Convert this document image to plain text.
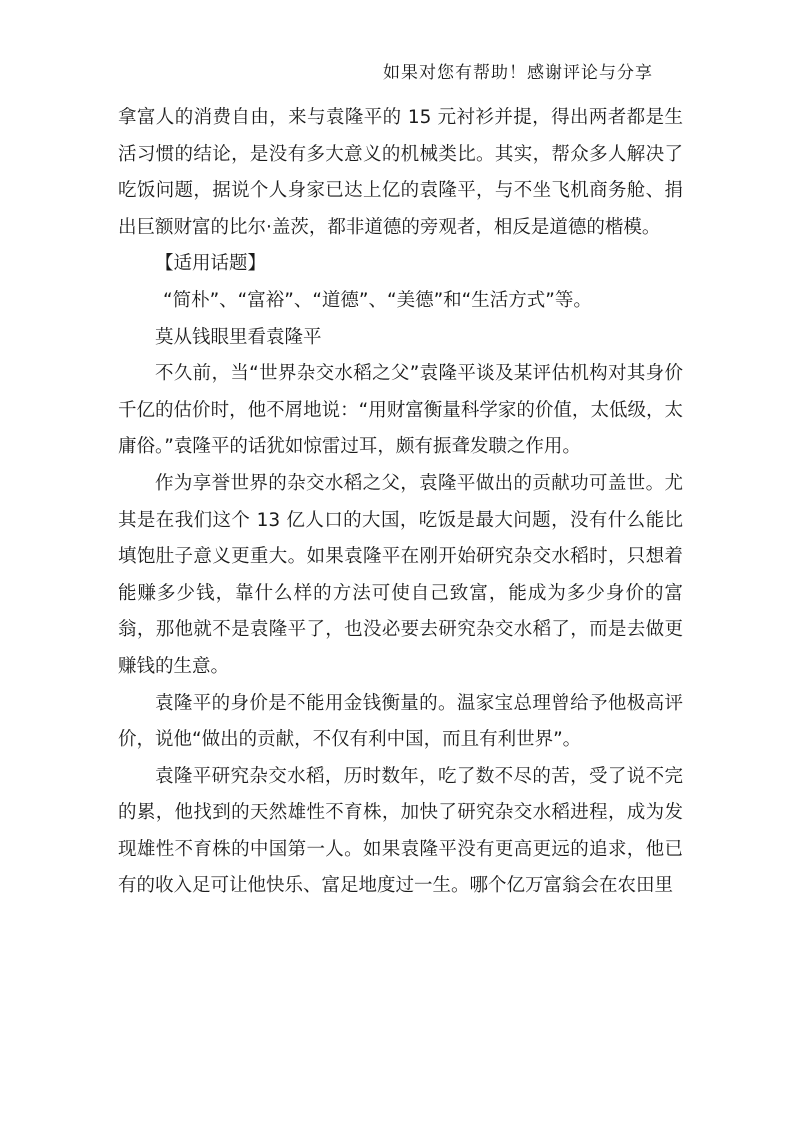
如果对您有帮助！感谢评论与分享

拿富人的消费自由，来与袁隆平的 15 元衬衫并提，得出两者都是生活习惯的结论，是没有多大意义的机械类比。其实，帮众多人解决了吃饭问题，据说个人身家已达上亿的袁隆平，与不坐飞机商务舱、捐出巨额财富的比尔·盖茨，都非道德的旁观者，相反是道德的楷模。

【适用话题】

“简朴”、“富裕”、“道德”、“美德”和“生活方式”等。

莫从钱眼里看袁隆平

不久前，当“世界杂交水稻之父”袁隆平谈及某评估机构对其身价千亿的估价时，他不屑地说：“用财富衡量科学家的价值，太低级，太庸俗。”袁隆平的话犹如惊雷过耳，颇有振聋发聩之作用。

作为享誉世界的杂交水稻之父，袁隆平做出的贡献功可盖世。尤其是在我们这个 13 亿人口的大国，吃饭是最大问题，没有什么能比填饱肚子意义更重大。如果袁隆平在刚开始研究杂交水稻时，只想着能赚多少钱，靠什么样的方法可使自己致富，能成为多少身价的富翁，那他就不是袁隆平了，也没必要去研究杂交水稻了，而是去做更赚钱的生意。

袁隆平的身价是不能用金钱衡量的。温家宝总理曾给予他极高评价，说他“做出的贡献，不仅有利中国，而且有利世界”。

袁隆平研究杂交水稻，历时数年，吃了数不尽的苦，受了说不完的累，他找到的天然雄性不育株，加快了研究杂交水稻进程，成为发现雄性不育株的中国第一人。如果袁隆平没有更高更远的追求，他已有的收入足可让他快乐、富足地度过一生。哪个亿万富翁会在农田里
